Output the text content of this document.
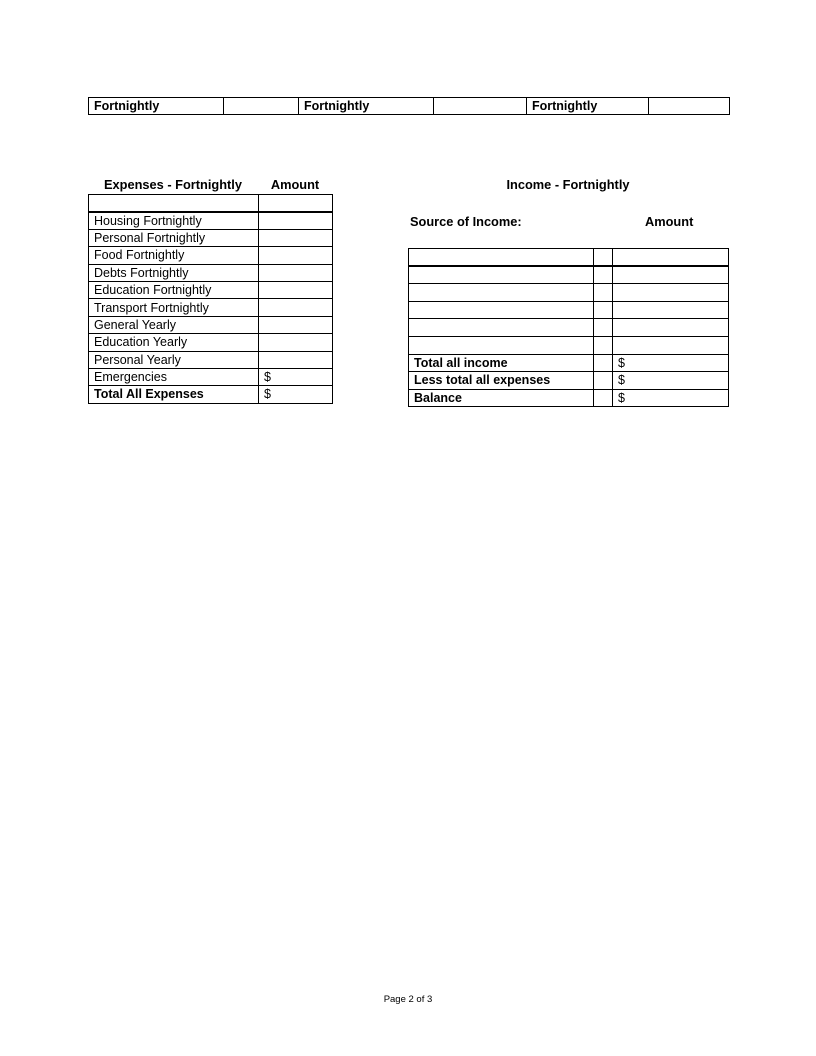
Fortnightly		Fortnightly		Fortnightly	
Expenses - Fortnightly	Amount

Housing Fortnightly	
Personal Fortnightly	
Food Fortnightly	
Debts Fortnightly	
Education Fortnightly	
Transport Fortnightly	
General Yearly	
Education Yearly	
Personal Yearly	
Emergencies	$
Total All Expenses	$
Income - Fortnightly
Source of Income:	Amount

Total all income		$
Less total all expenses		$
Balance		$
Page 2 of 3
